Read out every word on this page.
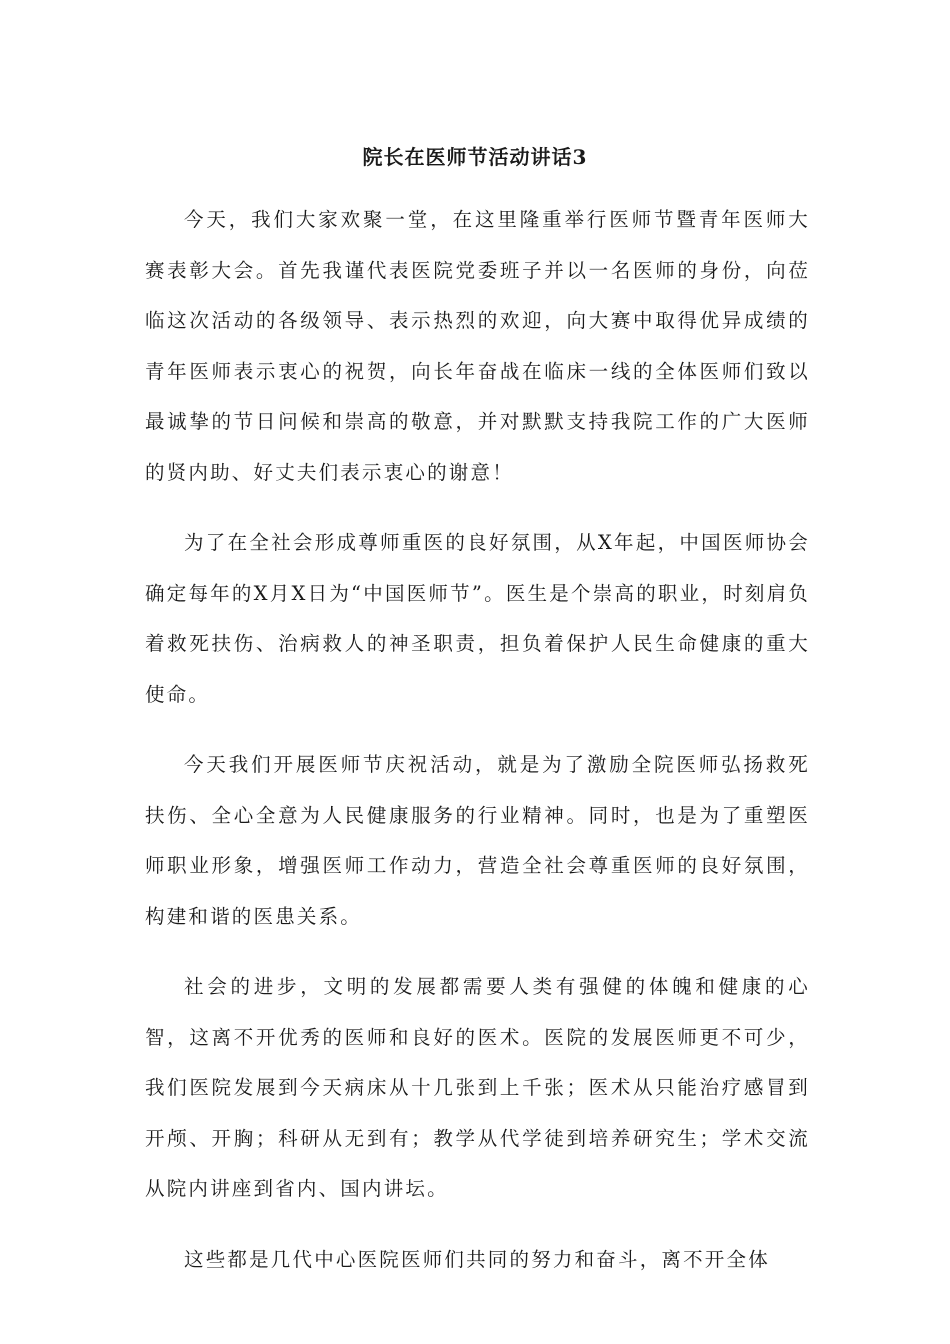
院长在医师节活动讲话3

今天，我们大家欢聚一堂，在这里隆重举行医师节暨青年医师大赛表彰大会。首先我谨代表医院党委班子并以一名医师的身份，向莅临这次活动的各级领导、表示热烈的欢迎，向大赛中取得优异成绩的青年医师表示衷心的祝贺，向长年奋战在临床一线的全体医师们致以最诚挚的节日问候和崇高的敬意，并对默默支持我院工作的广大医师的贤内助、好丈夫们表示衷心的谢意！

为了在全社会形成尊师重医的良好氛围，从X年起，中国医师协会确定每年的X月X日为“中国医师节”。医生是个崇高的职业，时刻肩负着救死扶伤、治病救人的神圣职责，担负着保护人民生命健康的重大使命。

今天我们开展医师节庆祝活动，就是为了激励全院医师弘扬救死扶伤、全心全意为人民健康服务的行业精神。同时，也是为了重塑医师职业形象，增强医师工作动力，营造全社会尊重医师的良好氛围，构建和谐的医患关系。

社会的进步，文明的发展都需要人类有强健的体魄和健康的心智，这离不开优秀的医师和良好的医术。医院的发展医师更不可少，我们医院发展到今天病床从十几张到上千张；医术从只能治疗感冒到开颅、开胸；科研从无到有；教学从代学徒到培养研究生；学术交流从院内讲座到省内、国内讲坛。

这些都是几代中心医院医师们共同的努力和奋斗，离不开全体
